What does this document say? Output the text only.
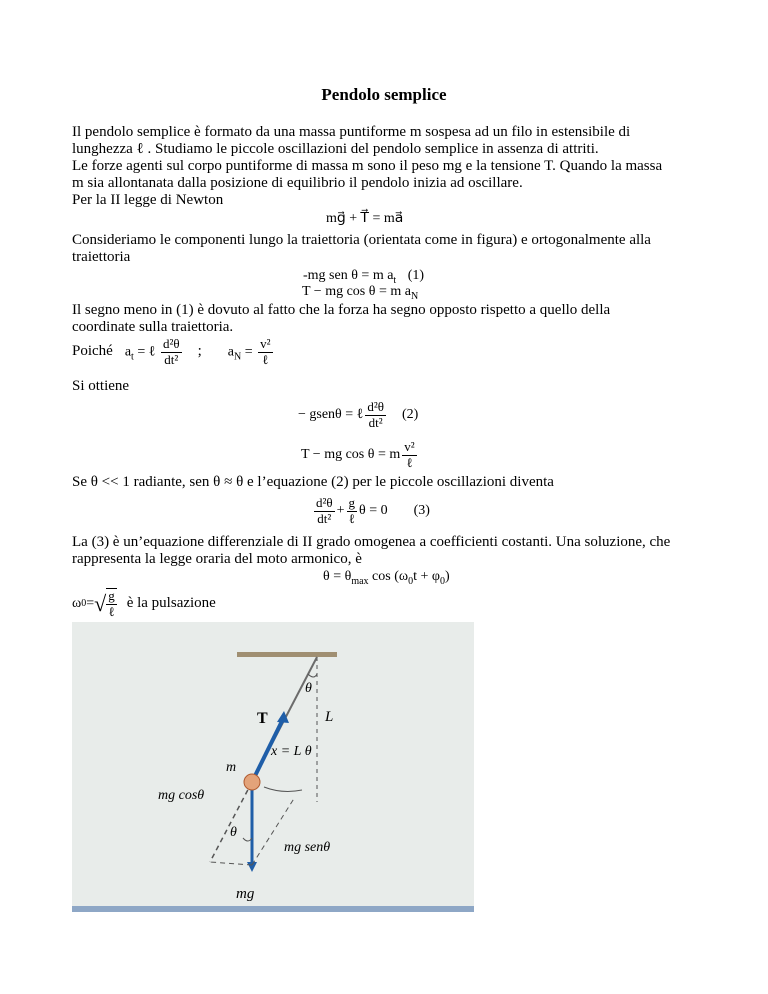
Pendolo semplice
Il pendolo semplice è formato da una massa puntiforme m sospesa ad un filo in estensibile di
lunghezza ℓ . Studiamo le piccole oscillazioni del pendolo semplice in assenza di attriti.
Le forze agenti sul corpo puntiforme di massa m sono il peso mg e la tensione T. Quando la massa
m sia allontanata dalla posizione di equilibrio il pendolo inizia ad oscillare.
Per la II legge di Newton
mg⃗ + T⃗ = ma⃗
Consideriamo le componenti lungo la traiettoria (orientata come in figura) e ortogonalmente alla
traiettoria
-mg sen θ = m $a_t$ (1)
T − mg cos θ = m $a_N$
Il segno meno in (1) è dovuto al fatto che la forza ha segno opposto rispetto a quello della
coordinate sulla traiettoria.
Poiché $a_t$ = ℓ $\frac{\text{d²θ}}{\text{dt²}}$ ; $a_N = \frac{\text{v²}}{\text{ℓ}}$
Si ottiene
− gsenθ = ℓ $\frac{\text{d²θ}}{\text{dt²}} (2)$
T − mg cos θ = m $\frac{\text{v²}}{\text{ℓ}}$
Se θ << 1 radiante, sen θ ≈ θ e l’equazione (2) per le piccole oscillazioni diventa
$\frac{\text{d²θ}}{\text{dt²}} + \frac{g}{\text{ℓ}}$ θ = 0 (3)
La (3) è un’equazione differenziale di II grado omogenea a coefficienti costanti. Una soluzione, che
rappresenta la legge oraria del moto armonico, è
$\theta = \theta_{max}$ $\cos (\omega_0t + \varphi_0)$
ω 0 = √ $\frac{g}{\text{ℓ}}$ è la pulsazione
θ
L
T
m
x = L θ
mg cosθ
θ
mg senθ
mg
